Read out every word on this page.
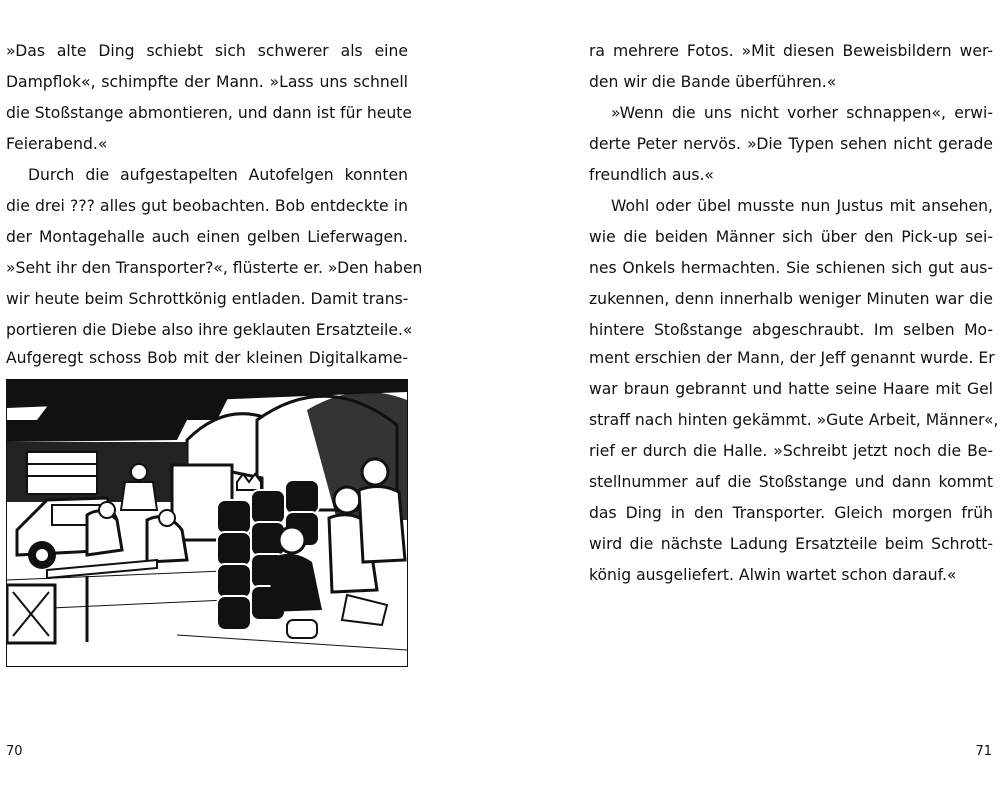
»Das alte Ding schiebt sich schwerer als eine

Dampflok«, schimpfte der Mann. »Lass uns schnell

die Stoßstange abmontieren, und dann ist für heute

Feierabend.«

Durch die aufgestapelten Autofelgen konnten

die drei ??? alles gut beobachten. Bob entdeckte in

der Montagehalle auch einen gelben Lieferwagen.

»Seht ihr den Transporter?«, flüsterte er. »Den haben

wir heute beim Schrottkönig entladen. Damit trans-

portieren die Diebe also ihre geklauten Ersatzteile.«

Aufgeregt schoss Bob mit der kleinen Digitalkame-

70

ra mehrere Fotos. »Mit diesen Beweisbildern wer-

den wir die Bande überführen.«

»Wenn die uns nicht vorher schnappen«, erwi-

derte Peter nervös. »Die Typen sehen nicht gerade

freundlich aus.«

Wohl oder übel musste nun Justus mit ansehen,

wie die beiden Männer sich über den Pick-up sei-

nes Onkels hermachten. Sie schienen sich gut aus-

zukennen, denn innerhalb weniger Minuten war die

hintere Stoßstange abgeschraubt. Im selben Mo-

ment erschien der Mann, der Jeff genannt wurde. Er

war braun gebrannt und hatte seine Haare mit Gel

straff nach hinten gekämmt. »Gute Arbeit, Männer«,

rief er durch die Halle. »Schreibt jetzt noch die Be-

stellnummer auf die Stoßstange und dann kommt

das Ding in den Transporter. Gleich morgen früh

wird die nächste Ladung Ersatzteile beim Schrott-

könig ausgeliefert. Alwin wartet schon darauf.«

71
